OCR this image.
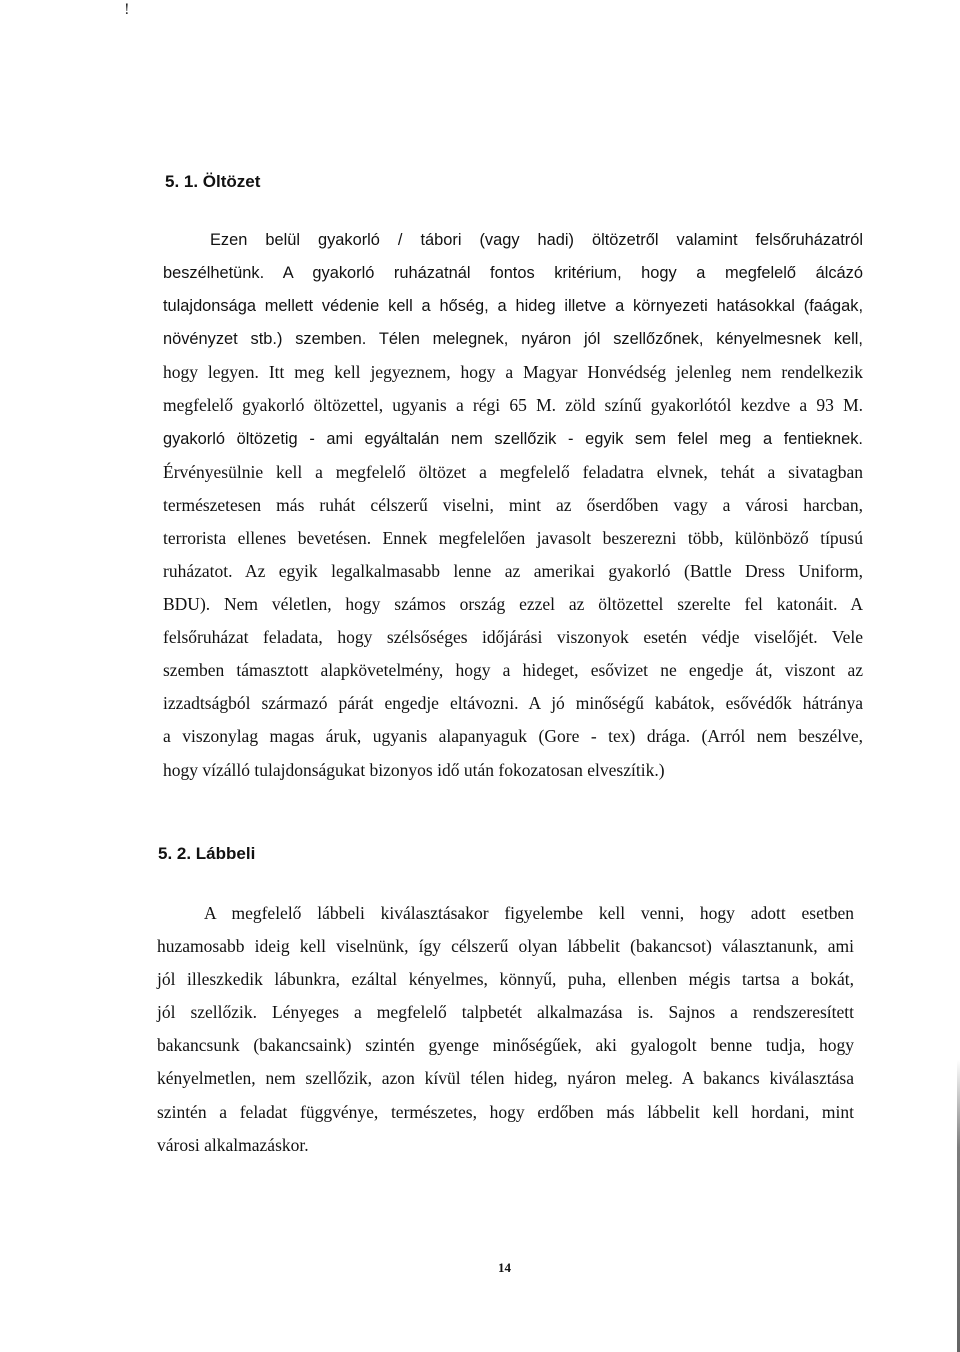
!
5. 1. Öltözet
Ezen belül gyakorló / tábori (vagy hadi) öltözetről valamint felsőruházatról
beszélhetünk. A gyakorló ruházatnál fontos kritérium, hogy a megfelelő álcázó
tulajdonsága mellett védenie kell a hőség, a hideg illetve a környezeti hatásokkal (faágak,
növényzet stb.) szemben. Télen melegnek, nyáron jól szellőzőnek, kényelmesnek kell,
hogy legyen. Itt meg kell jegyeznem, hogy a Magyar Honvédség jelenleg nem rendelkezik
megfelelő gyakorló öltözettel, ugyanis a régi 65 M. zöld színű gyakorlótól kezdve a 93 M.
gyakorló öltözetig - ami egyáltalán nem szellőzik - egyik sem felel meg a fentieknek.
Érvényesülnie kell a megfelelő öltözet a megfelelő feladatra elvnek, tehát a sivatagban
természetesen más ruhát célszerű viselni, mint az őserdőben vagy a városi harcban,
terrorista ellenes bevetésen. Ennek megfelelően javasolt beszerezni több, különböző típusú
ruházatot. Az egyik legalkalmasabb lenne az amerikai gyakorló (Battle Dress Uniform,
BDU). Nem véletlen, hogy számos ország ezzel az öltözettel szerelte fel katonáit. A
felsőruházat feladata, hogy szélsőséges időjárási viszonyok esetén védje viselőjét. Vele
szemben támasztott alapkövetelmény, hogy a hideget, esővizet ne engedje át, viszont az
izzadtságból származó párát engedje eltávozni. A jó minőségű kabátok, esővédők hátránya
a viszonylag magas áruk, ugyanis alapanyaguk (Gore - tex) drága. (Arról nem beszélve,
hogy vízálló tulajdonságukat bizonyos idő után fokozatosan elveszítik.)
5. 2. Lábbeli
A megfelelő lábbeli kiválasztásakor figyelembe kell venni, hogy adott esetben
huzamosabb ideig kell viselnünk, így célszerű olyan lábbelit (bakancsot) választanunk, ami
jól illeszkedik lábunkra, ezáltal kényelmes, könnyű, puha, ellenben mégis tartsa a bokát,
jól szellőzik. Lényeges a megfelelő talpbetét alkalmazása is. Sajnos a rendszeresített
bakancsunk (bakancsaink) szintén gyenge minőségűek, aki gyalogolt benne tudja, hogy
kényelmetlen, nem szellőzik, azon kívül télen hideg, nyáron meleg. A bakancs kiválasztása
szintén a feladat függvénye, természetes, hogy erdőben más lábbelit kell hordani, mint
városi alkalmazáskor.
14
